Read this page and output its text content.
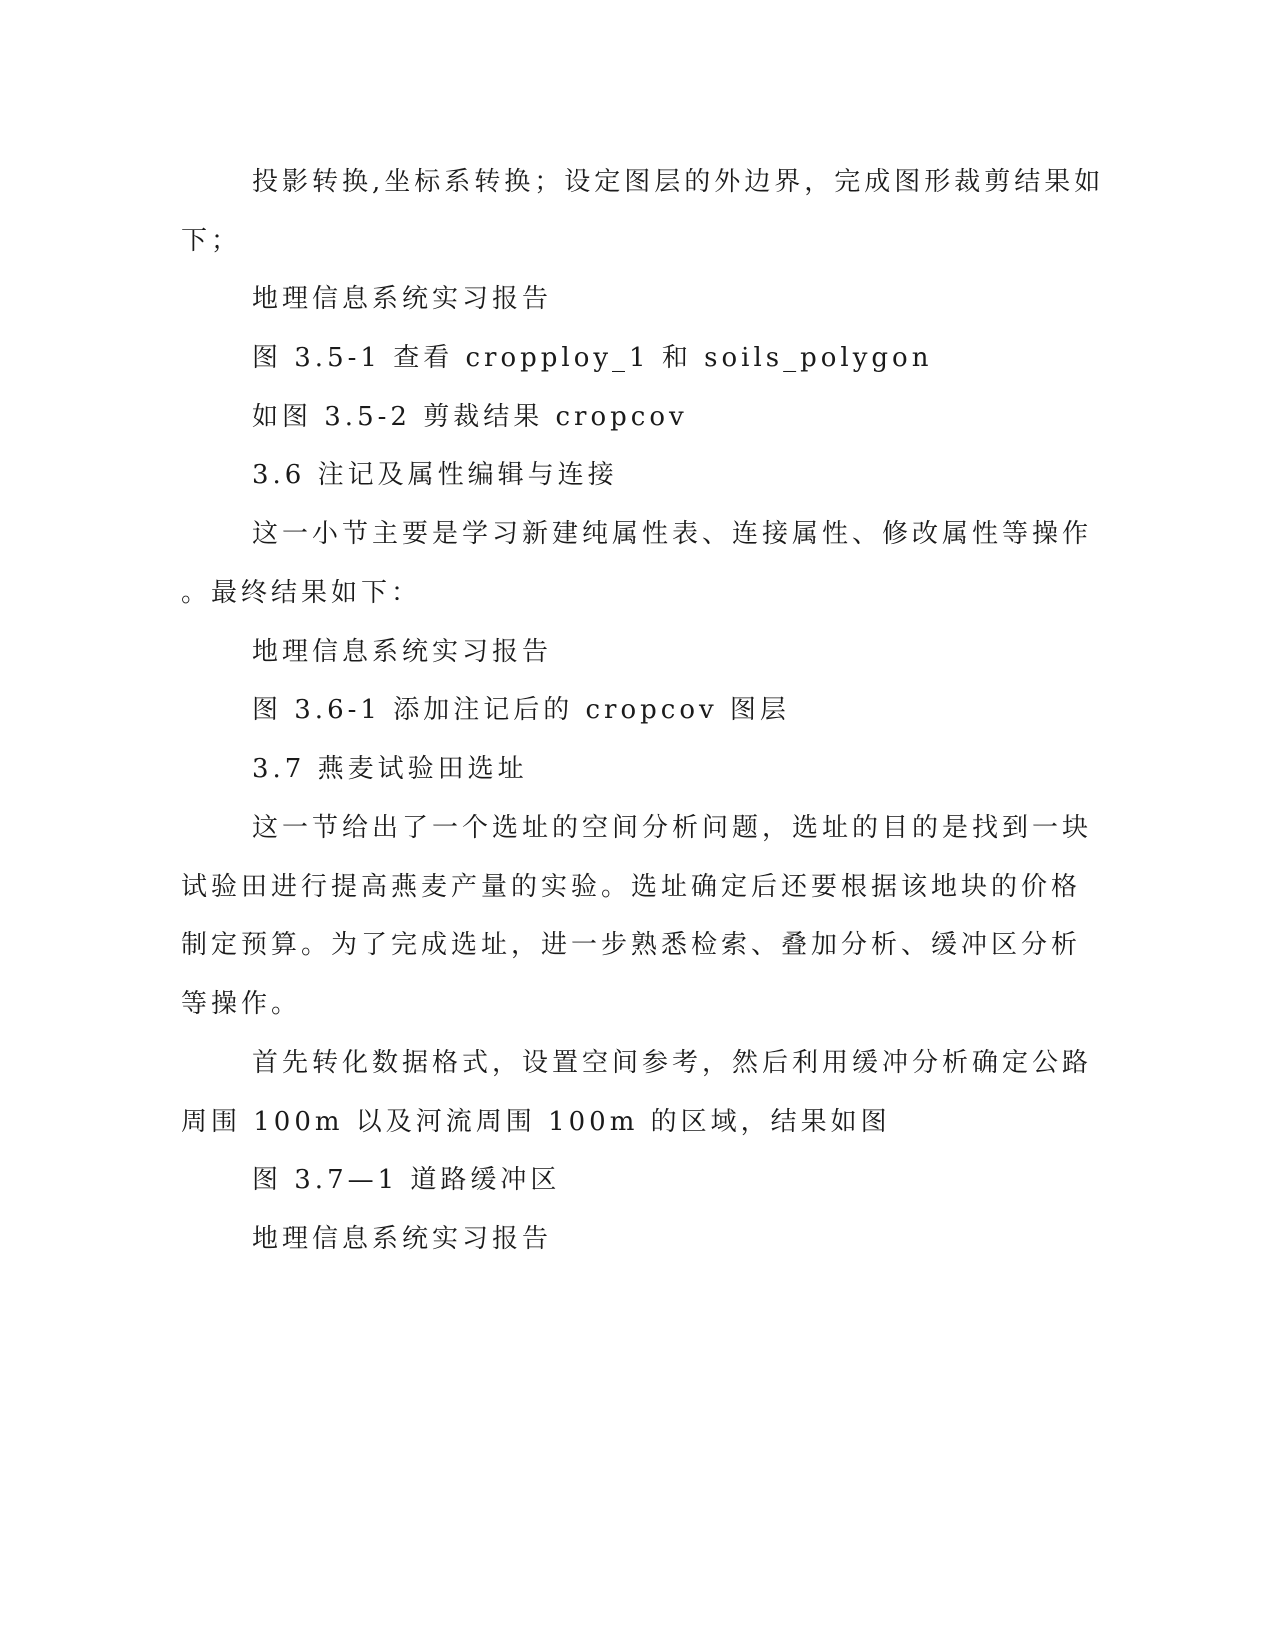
投影转换,坐标系转换；设定图层的外边界，完成图形裁剪结果如
下；
地理信息系统实习报告
图 3.5-1 查看 cropploy_1 和 soils_polygon
如图 3.5-2 剪裁结果 cropcov
3.6 注记及属性编辑与连接
这一小节主要是学习新建纯属性表、连接属性、修改属性等操作
。最终结果如下：
地理信息系统实习报告
图 3.6-1 添加注记后的 cropcov 图层
3.7 燕麦试验田选址
这一节给出了一个选址的空间分析问题，选址的目的是找到一块
试验田进行提高燕麦产量的实验。选址确定后还要根据该地块的价格
制定预算。为了完成选址，进一步熟悉检索、叠加分析、缓冲区分析
等操作。
首先转化数据格式，设置空间参考，然后利用缓冲分析确定公路
周围 100m 以及河流周围 100m 的区域，结果如图
图 3.7—1 道路缓冲区
地理信息系统实习报告
